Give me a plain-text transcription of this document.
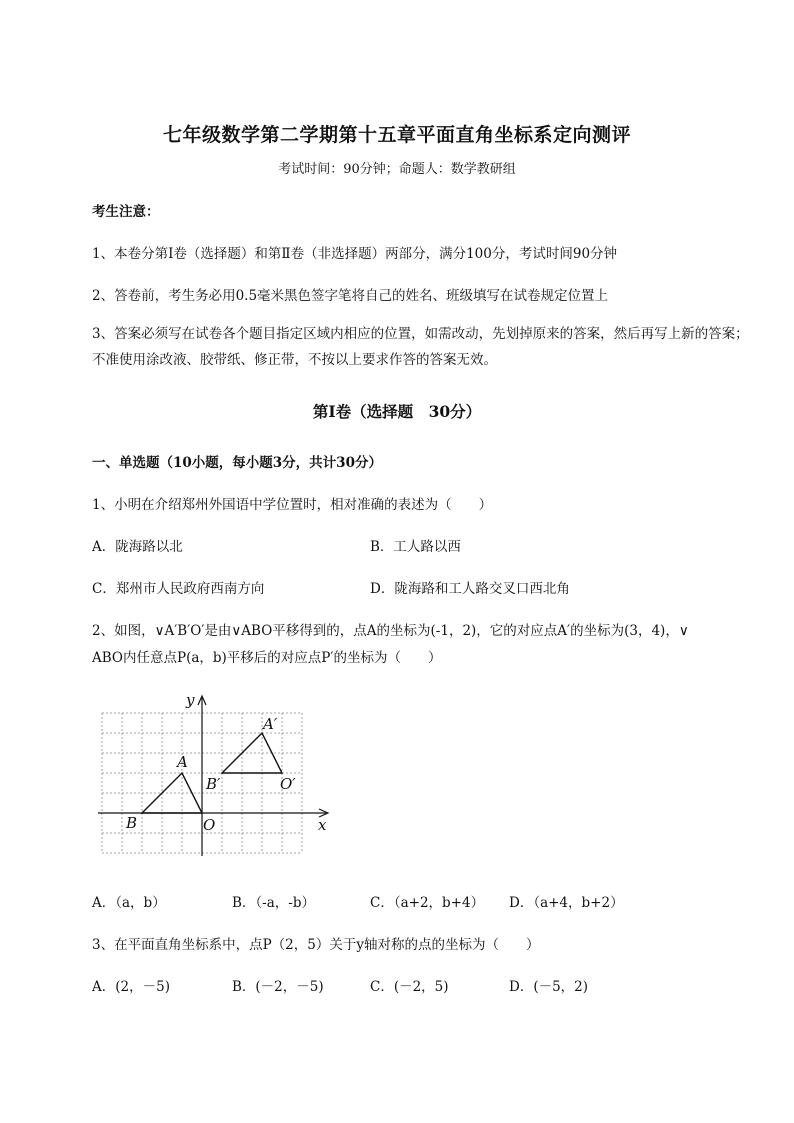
七年级数学第二学期第十五章平面直角坐标系定向测评
考试时间：90分钟；命题人：数学教研组
考生注意：
1、本卷分第Ⅰ卷（选择题）和第Ⅱ卷（非选择题）两部分，满分100分，考试时间90分钟
2、答卷前，考生务必用0.5毫米黑色签字笔将自己的姓名、班级填写在试卷规定位置上
3、答案必须写在试卷各个题目指定区域内相应的位置，如需改动，先划掉原来的答案，然后再写上新的答案；不准使用涂改液、胶带纸、修正带，不按以上要求作答的答案无效。
第Ⅰ卷（选择题　30分）
一、单选题（10小题，每小题3分，共计30分）
1、小明在介绍郑州外国语中学位置时，相对准确的表述为（　　）
A．陇海路以北	B．工人路以西
C．郑州市人民政府西南方向	D．陇海路和工人路交叉口西北角
2、如图，∨A′B′O′是由∨ABO平移得到的，点A的坐标为(-1，2)，它的对应点A′的坐标为(3，4)，∨
ABO内任意点P(a，b)平移后的对应点P′的坐标为（　　）
y
x
A
A′
B
B′
O
O′
A．（a，b）	B．（-a，-b）	C．（a+2，b+4） D．（a+4，b+2）
3、在平面直角坐标系中，点P（2，5）关于y轴对称的点的坐标为（　　）
A．(2，－5)	B．(－2，－5)	C．(－2，5)	D．(－5，2)
